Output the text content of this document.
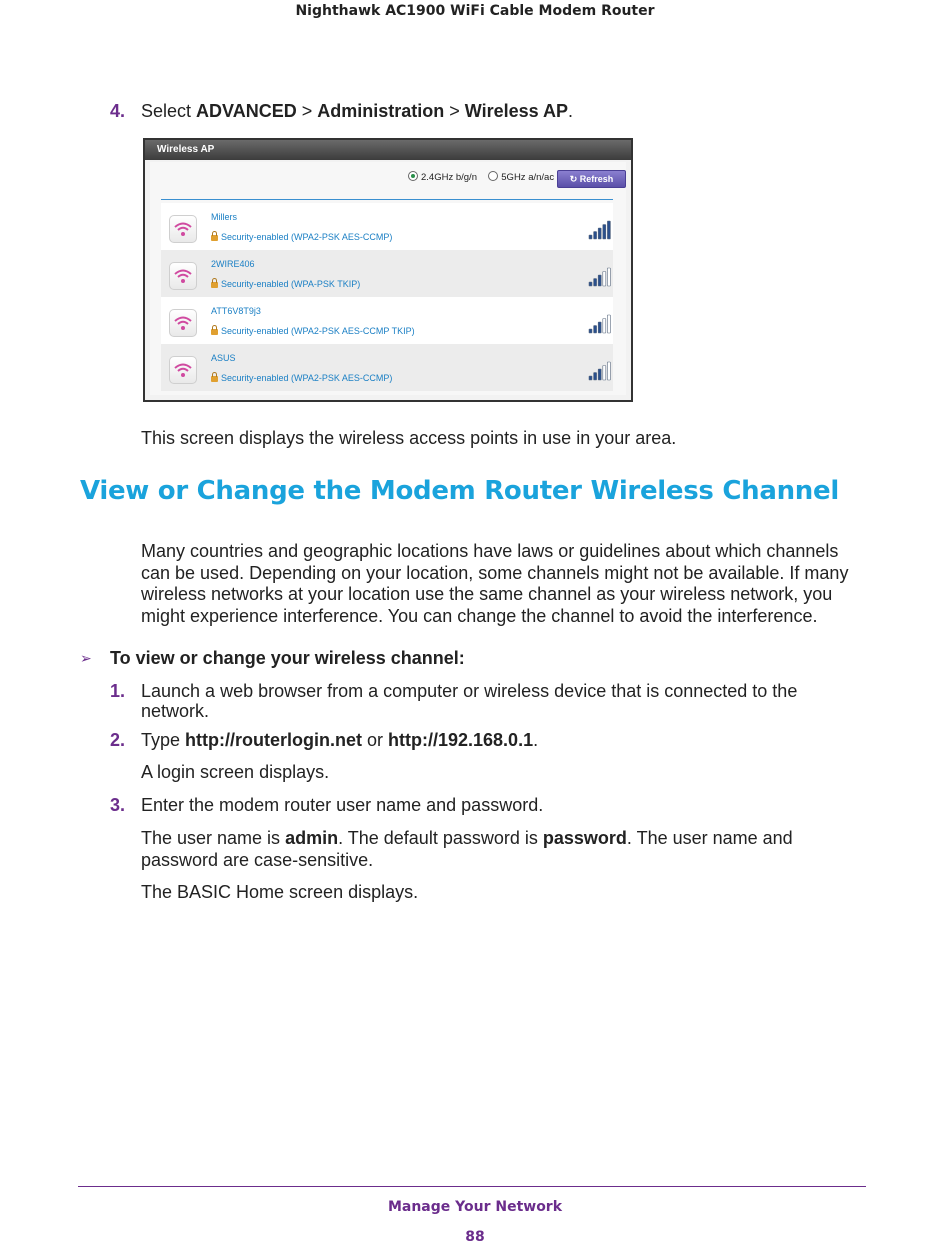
Nighthawk AC1900 WiFi Cable Modem Router
4. Select ADVANCED > Administration > Wireless AP.
Wireless AP
2.4GHz b/g/n	5GHz a/n/ac	↻ Refresh
Millers
Security-enabled (WPA2-PSK AES-CCMP)
2WIRE406
Security-enabled (WPA-PSK TKIP)
ATT6V8T9j3
Security-enabled (WPA2-PSK AES-CCMP TKIP)
ASUS
Security-enabled (WPA2-PSK AES-CCMP)
This screen displays the wireless access points in use in your area.
View or Change the Modem Router Wireless Channel
Many countries and geographic locations have laws or guidelines about which channels
can be used. Depending on your location, some channels might not be available. If many
wireless networks at your location use the same channel as your wireless network, you
might experience interference. You can change the channel to avoid the interference.
➢ To view or change your wireless channel:
1. Launch a web browser from a computer or wireless device that is connected to the
network.
2. Type http://routerlogin.net or http://192.168.0.1.
A login screen displays.
3. Enter the modem router user name and password.
The user name is admin. The default password is password. The user name and
password are case-sensitive.
The BASIC Home screen displays.
Manage Your Network
88
